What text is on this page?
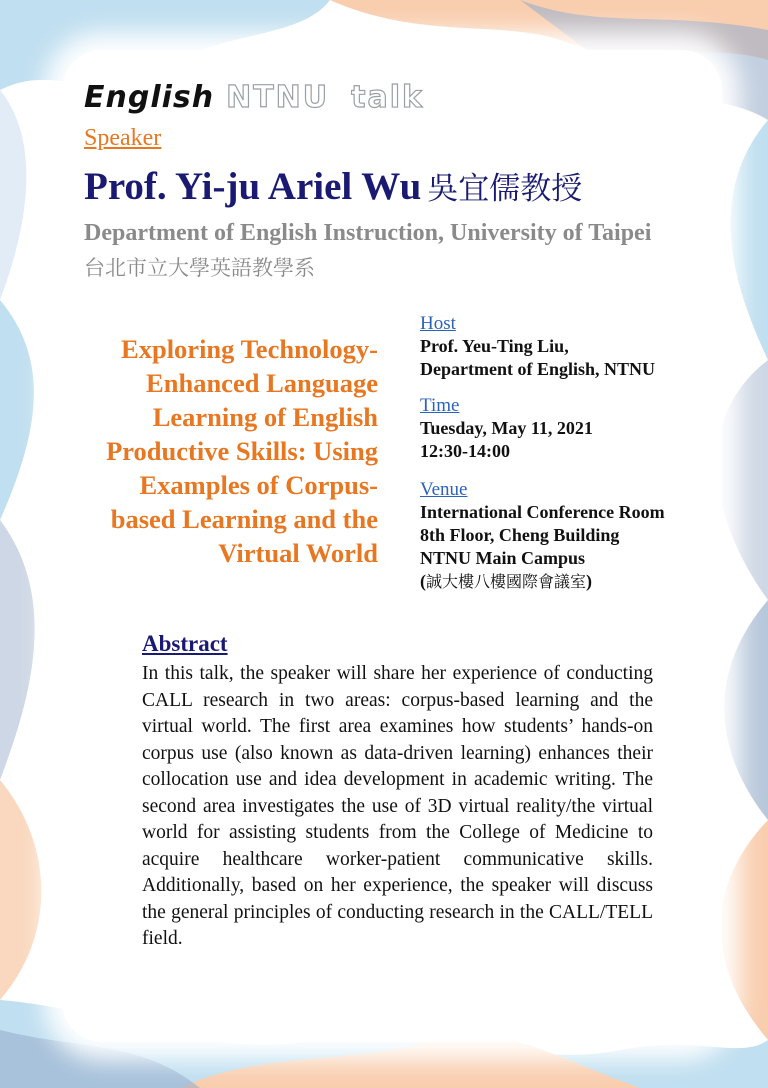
English NTNU talk
Speaker
Prof. Yi-ju Ariel Wu 吳宜儒教授
Department of English Instruction, University of Taipei
台北市立大學英語教學系
Exploring Technology-Enhanced Language Learning of English Productive Skills: Using Examples of Corpus-based Learning and the Virtual World
Host
Prof. Yeu-Ting Liu,
Department of English, NTNU
Time
Tuesday, May 11, 2021
12:30-14:00
Venue
International Conference Room
8th Floor, Cheng Building
NTNU Main Campus
(誠大樓八樓國際會議室)
Abstract
In this talk, the speaker will share her experience of conducting CALL research in two areas: corpus-based learning and the virtual world. The first area examines how students’ hands-on corpus use (also known as data-driven learning) enhances their collocation use and idea development in academic writing. The second area investigates the use of 3D virtual reality/the virtual world for assisting students from the College of Medicine to acquire healthcare worker-patient communicative skills. Additionally, based on her experience, the speaker will discuss the general principles of conducting research in the CALL/TELL field.
